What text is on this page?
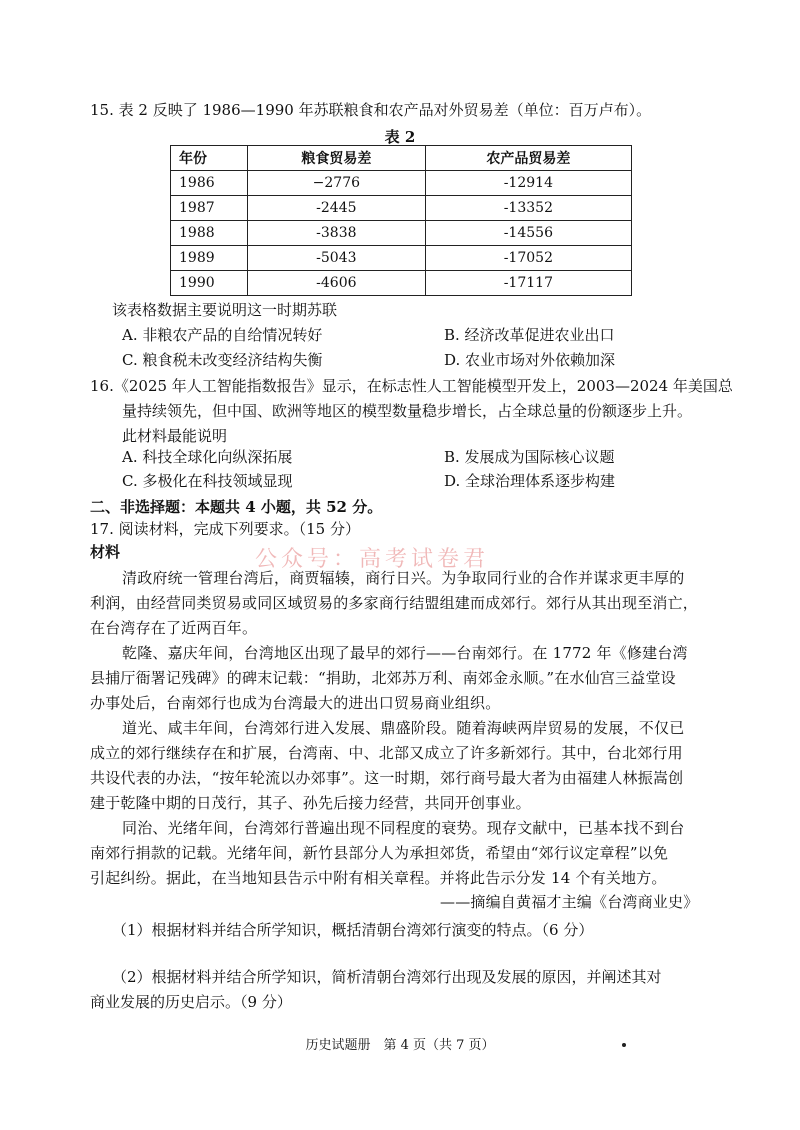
15. 表 2 反映了 1986—1990 年苏联粮食和农产品对外贸易差（单位：百万卢布）。
表 2
年份	粮食贸易差	农产品贸易差
1986	−2776	-12914
1987	-2445	-13352
1988	-3838	-14556
1989	-5043	-17052
1990	-4606	-17117
该表格数据主要说明这一时期苏联
A. 非粮农产品的自给情况转好	B. 经济改革促进农业出口
C. 粮食税未改变经济结构失衡	D. 农业市场对外依赖加深
16.《2025 年人工智能指数报告》显示，在标志性人工智能模型开发上，2003—2024 年美国总
量持续领先，但中国、欧洲等地区的模型数量稳步增长，占全球总量的份额逐步上升。
此材料最能说明
A. 科技全球化向纵深拓展	B. 发展成为国际核心议题
C. 多极化在科技领域显现	D. 全球治理体系逐步构建
二、非选择题：本题共 4 小题，共 52 分。
17. 阅读材料，完成下列要求。（15 分）
材料	公众号：高考试卷君
清政府统一管理台湾后，商贾辐辏，商行日兴。为争取同行业的合作并谋求更丰厚的
利润，由经营同类贸易或同区域贸易的多家商行结盟组建而成郊行。郊行从其出现至消亡，
在台湾存在了近两百年。
乾隆、嘉庆年间，台湾地区出现了最早的郊行——台南郊行。在 1772 年《修建台湾
县捕厅衙署记残碑》的碑末记载：“捐助，北郊苏万利、南郊金永顺。”在水仙宫三益堂设
办事处后，台南郊行也成为台湾最大的进出口贸易商业组织。
道光、咸丰年间，台湾郊行进入发展、鼎盛阶段。随着海峡两岸贸易的发展，不仅已
成立的郊行继续存在和扩展，台湾南、中、北部又成立了许多新郊行。其中，台北郊行用
共设代表的办法，“按年轮流以办郊事”。这一时期，郊行商号最大者为由福建人林振嵩创
建于乾隆中期的日茂行，其子、孙先后接力经营，共同开创事业。
同治、光绪年间，台湾郊行普遍出现不同程度的衰势。现存文献中，已基本找不到台
南郊行捐款的记载。光绪年间，新竹县部分人为承担郊货，希望由“郊行议定章程”以免
引起纠纷。据此，在当地知县告示中附有相关章程。并将此告示分发 14 个有关地方。
——摘编自黄福才主编《台湾商业史》
（1）根据材料并结合所学知识，概括清朝台湾郊行演变的特点。（6 分）
（2）根据材料并结合所学知识，简析清朝台湾郊行出现及发展的原因，并阐述其对
商业发展的历史启示。（9 分）
历史试题册　第 4 页（共 7 页）
